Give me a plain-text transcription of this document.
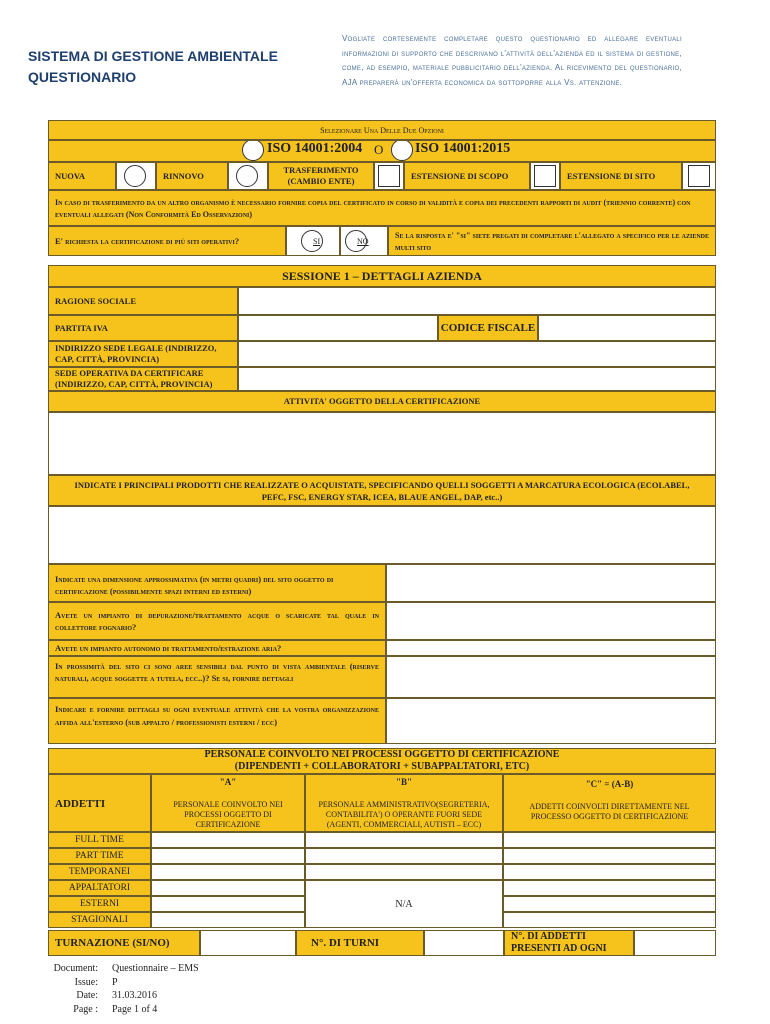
SISTEMA DI GESTIONE AMBIENTALE
QUESTIONARIO
Vogliate cortesemente completare questo questionario ed allegare eventuali informazioni di supporto che descrivano l'attività dell'azienda ed il sistema di gestione, come, ad esempio, materiale pubblicitario dell'azienda. Al ricevimento del questionario, AJA preparerà un'offerta economica da sottoporre alla Vs. attenzione.
Selezionare Una Delle Due Opzioni
ISO 14001:2004 O ISO 14001:2015
NUOVA	RINNOVO
TRASFERIMENTO (CAMBIO ENTE)
ESTENSIONE DI SCOPO	ESTENSIONE DI SITO
In caso di trasferimento da un altro organismo è necessario fornire copia del certificato in corso di validità e copia dei precedenti rapporti di audit (triennio corrente) con eventuali allegati (Non Conformità Ed Osservazioni)
E' richiesta la certificazione di più siti operativi?	SI	NO
Se la risposta e' "si" siete pregati di completare l'allegato a specifico per le aziende multi sito
SESSIONE 1 – DETTAGLI AZIENDA
RAGIONE SOCIALE
PARTITA IVA	CODICE FISCALE
INDIRIZZO SEDE LEGALE (INDIRIZZO, CAP, CITTÀ, PROVINCIA)
SEDE OPERATIVA DA CERTIFICARE (INDIRIZZO, CAP, CITTÀ, PROVINCIA)
ATTIVITA' OGGETTO DELLA CERTIFICAZIONE
INDICATE I PRINCIPALI PRODOTTI CHE REALIZZATE O ACQUISTATE, SPECIFICANDO QUELLI SOGGETTI A MARCATURA ECOLOGICA (ECOLABEL, PEFC, FSC, ENERGY STAR, ICEA, BLAUE ANGEL, DAP, etc..)
Indicate una dimensione approssimativa (in metri quadri) del sito oggetto di certificazione (possibilmente spazi interni ed esterni)
Avete un impianto di depurazione/trattamento acque o scaricate tal quale in collettore fognario?
Avete un impianto autonomo di trattamento/estrazione aria?
In prossimità del sito ci sono aree sensibili dal punto di vista ambientale (riserve naturali, acque soggette a tutela, ecc..)? Se si, fornire dettagli
Indicare e fornire dettagli su ogni eventuale attività che la vostra organizzazione affida all'esterno (sub appalto / professionisti esterni / ecc)
PERSONALE COINVOLTO NEI PROCESSI OGGETTO DI CERTIFICAZIONE
(DIPENDENTI + COLLABORATORI + SUBAPPALTATORI, ETC)
ADDETTI
"A"
PERSONALE COINVOLTO NEI PROCESSI OGGETTO DI CERTIFICAZIONE
"B"
PERSONALE AMMINISTRATIVO(SEGRETERIA, CONTABILITA') O OPERANTE FUORI SEDE (AGENTI, COMMERCIALI, AUTISTI – ECC)
"C" = (A-B)
ADDETTI COINVOLTI DIRETTAMENTE NEL PROCESSO OGGETTO DI CERTIFICAZIONE
FULL TIME
PART TIME
TEMPORANEI
APPALTATORI
ESTERNI
STAGIONALI
N/A
TURNAZIONE (SI/NO)	N°. DI TURNI	N°. DI ADDETTI PRESENTI AD OGNI
Document:	Questionnaire – EMS
Issue:	P
Date:	31.03.2016
Page :	Page 1 of 4
